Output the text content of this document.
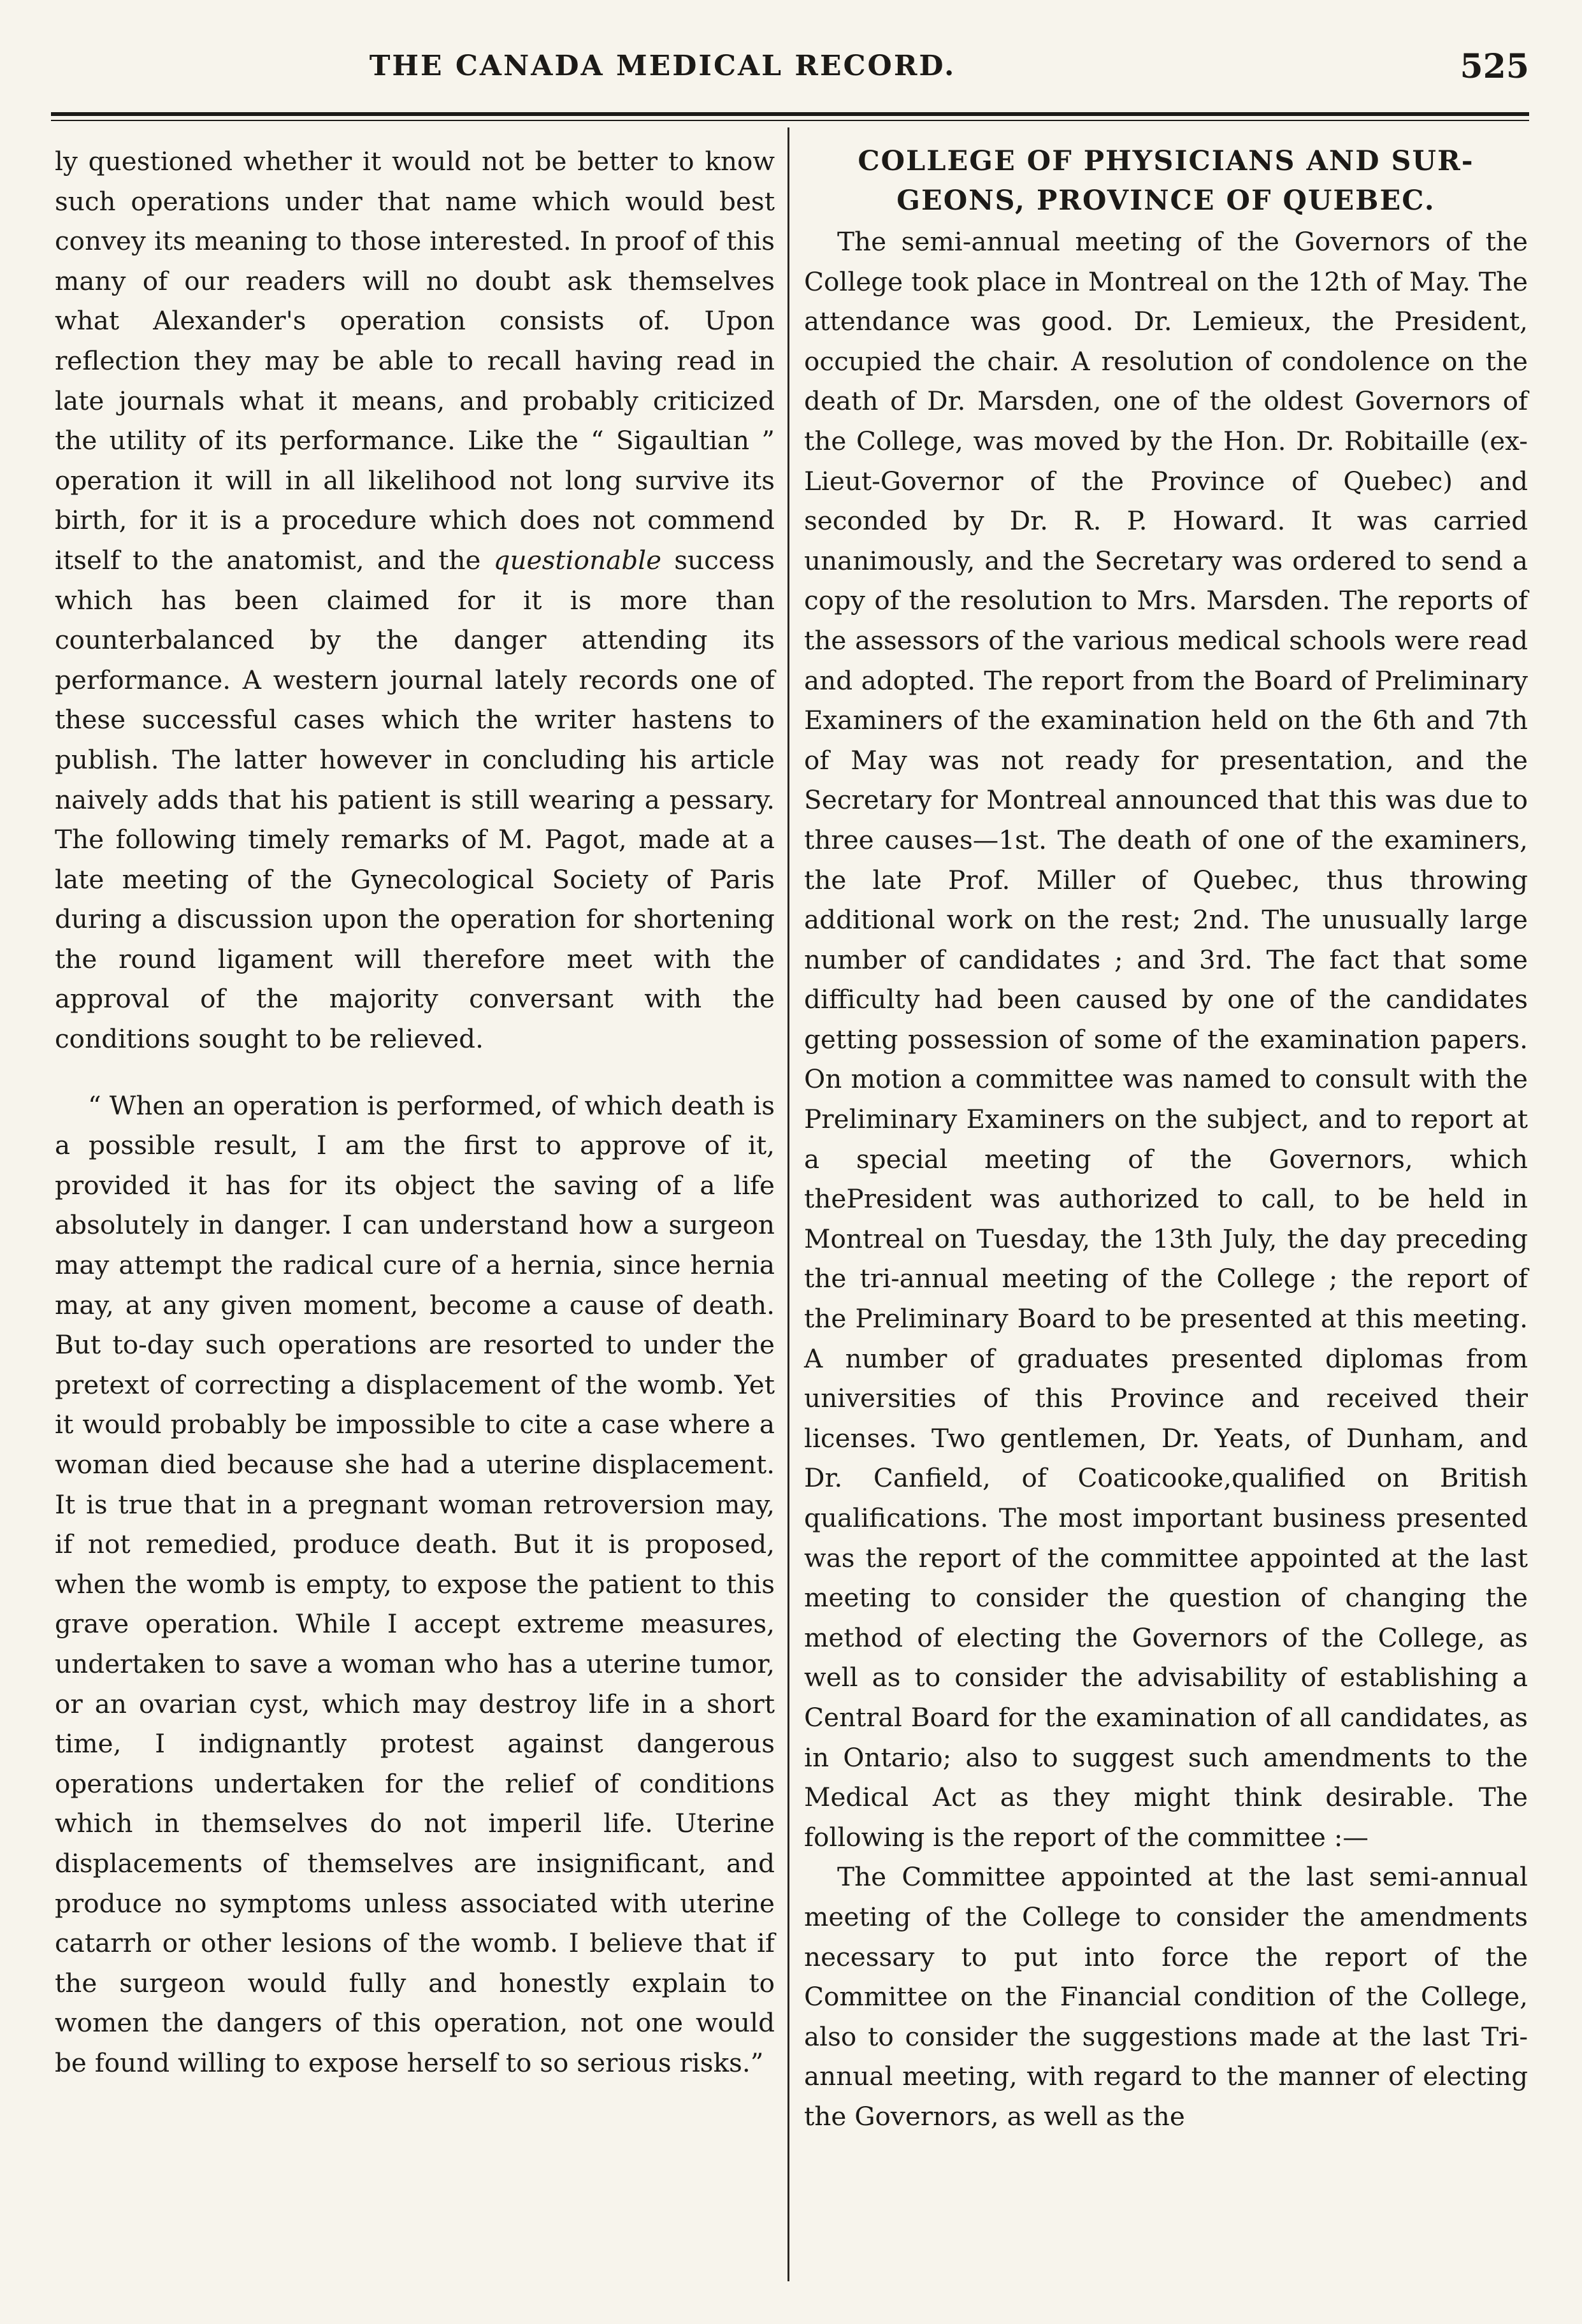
THE CANADA MEDICAL RECORD.	525

ly questioned whether it would not be better to know such operations under that name which would best convey its meaning to those interested. In proof of this many of our readers will no doubt ask themselves what Alexander's operation consists of. Upon reflection they may be able to recall having read in late journals what it means, and probably criticized the utility of its performance. Like the “ Sigaultian ” operation it will in all likelihood not long survive its birth, for it is a procedure which does not commend itself to the anatomist, and the questionable success which has been claimed for it is more than counterbalanced by the danger attending its performance. A western journal lately records one of these successful cases which the writer hastens to publish. The latter however in concluding his article naively adds that his patient is still wearing a pessary. The following timely remarks of M. Pagot, made at a late meeting of the Gynecological Society of Paris during a discussion upon the operation for shortening the round ligament will therefore meet with the approval of the majority conversant with the conditions sought to be relieved.

“ When an operation is performed, of which death is a possible result, I am the first to approve of it, provided it has for its object the saving of a life absolutely in danger. I can understand how a surgeon may attempt the radical cure of a hernia, since hernia may, at any given moment, become a cause of death. But to-day such operations are resorted to under the pretext of correcting a displacement of the womb. Yet it would probably be impossible to cite a case where a woman died because she had a uterine displacement. It is true that in a pregnant woman retroversion may, if not remedied, produce death. But it is proposed, when the womb is empty, to expose the patient to this grave operation. While I accept extreme measures, undertaken to save a woman who has a uterine tumor, or an ovarian cyst, which may destroy life in a short time, I indignantly protest against dangerous operations undertaken for the relief of conditions which in themselves do not imperil life. Uterine displacements of themselves are insignificant, and produce no symptoms unless associated with uterine catarrh or other lesions of the womb. I believe that if the surgeon would fully and honestly explain to women the dangers of this operation, not one would be found willing to expose herself to so serious risks.”

COLLEGE OF PHYSICIANS AND SUR-
GEONS, PROVINCE OF QUEBEC.

The semi-annual meeting of the Governors of the College took place in Montreal on the 12th of May. The attendance was good. Dr. Lemieux, the President, occupied the chair. A resolution of condolence on the death of Dr. Marsden, one of the oldest Governors of the College, was moved by the Hon. Dr. Robitaille (ex-Lieut-Governor of the Province of Quebec) and seconded by Dr. R. P. Howard. It was carried unanimously, and the Secretary was ordered to send a copy of the resolution to Mrs. Marsden. The reports of the assessors of the various medical schools were read and adopted. The report from the Board of Preliminary Examiners of the examination held on the 6th and 7th of May was not ready for presentation, and the Secretary for Montreal announced that this was due to three causes—1st. The death of one of the examiners, the late Prof. Miller of Quebec, thus throwing additional work on the rest; 2nd. The unusually large number of candidates ; and 3rd. The fact that some difficulty had been caused by one of the candidates getting possession of some of the examination papers. On motion a committee was named to consult with the Preliminary Examiners on the subject, and to report at a special meeting of the Governors, which thePresident was authorized to call, to be held in Montreal on Tuesday, the 13th July, the day preceding the tri-annual meeting of the College ; the report of the Preliminary Board to be presented at this meeting. A number of graduates presented diplomas from universities of this Province and received their licenses. Two gentlemen, Dr. Yeats, of Dunham, and Dr. Canfield, of Coaticooke,qualified on British qualifications. The most important business presented was the report of the committee appointed at the last meeting to consider the question of changing the method of electing the Governors of the College, as well as to consider the advisability of establishing a Central Board for the examination of all candidates, as in Ontario; also to suggest such amendments to the Medical Act as they might think desirable. The following is the report of the committee :—

The Committee appointed at the last semi-annual meeting of the College to consider the amendments necessary to put into force the report of the Committee on the Financial condition of the College, also to consider the suggestions made at the last Tri-annual meeting, with regard to the manner of electing the Governors, as well as the
